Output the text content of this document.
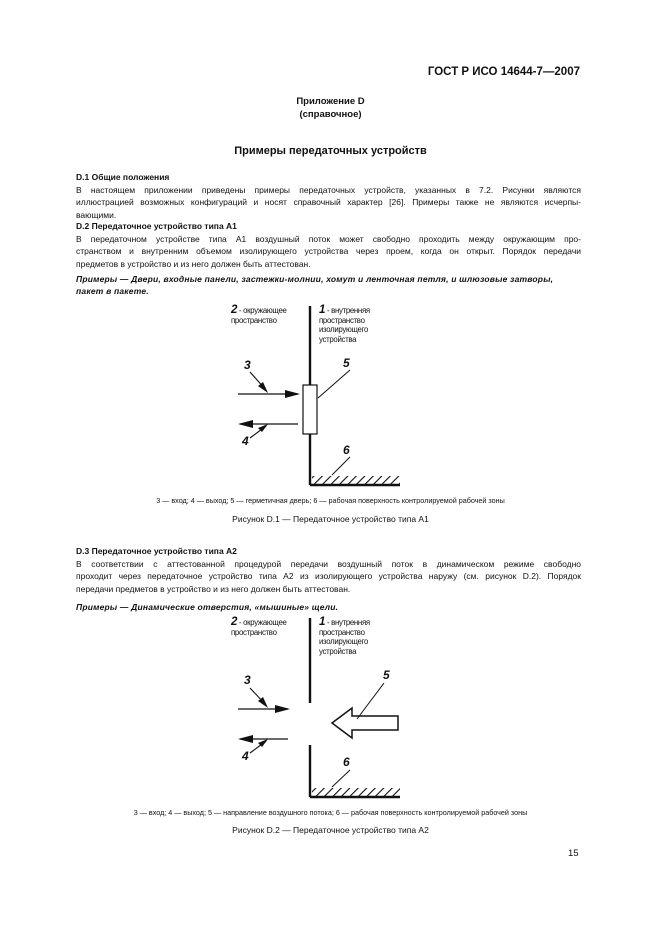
ГОСТ Р ИСО 14644-7—2007
Приложение D
(справочное)
Примеры передаточных устройств
D.1 Общие положения
В настоящем приложении приведены примеры передаточных устройств, указанных в 7.2. Рисунки являются
иллюстрацией возможных конфигураций и носят справочный характер [26]. Примеры также не являются исчерпы-
вающими.
D.2 Передаточное устройство типа А1
В передаточном устройстве типа А1 воздушный поток может свободно проходить между окружающим про-
странством и внутренним объемом изолирующего устройства через проем, когда он открыт. Порядок передачи
предметов в устройство и из него должен быть аттестован.
Примеры — Двери, входные панели, застежки-молнии, хомут и ленточная петля, и шлюзовые затворы, пакет в пакете.
2 - окружающее
пространство
1 - внутренняя
пространство
изолирующего
устройства
3
4
5
6
3 — вход; 4 — выход; 5 — герметичная дверь; 6 — рабочая поверхность контролируемой рабочей зоны
Рисунок D.1 — Передаточное устройство типа А1
D.3 Передаточное устройство типа А2
В соответствии с аттестованной процедурой передачи воздушный поток в динамическом режиме свободно
проходит через передаточное устройство типа А2 из изолирующего устройства наружу (см. рисунок D.2). Порядок
передачи предметов в устройство и из него должен быть аттестован.
Примеры — Динамические отверстия, «мышиные» щели.
2 - окружающее
пространство
1 - внутренняя
пространство
изолирующего
устройства
3
4
5
6
3 — вход; 4 — выход; 5 — направление воздушного потока; 6 — рабочая поверхность контролируемой рабочей зоны
Рисунок D.2 — Передаточное устройство типа А2
15
